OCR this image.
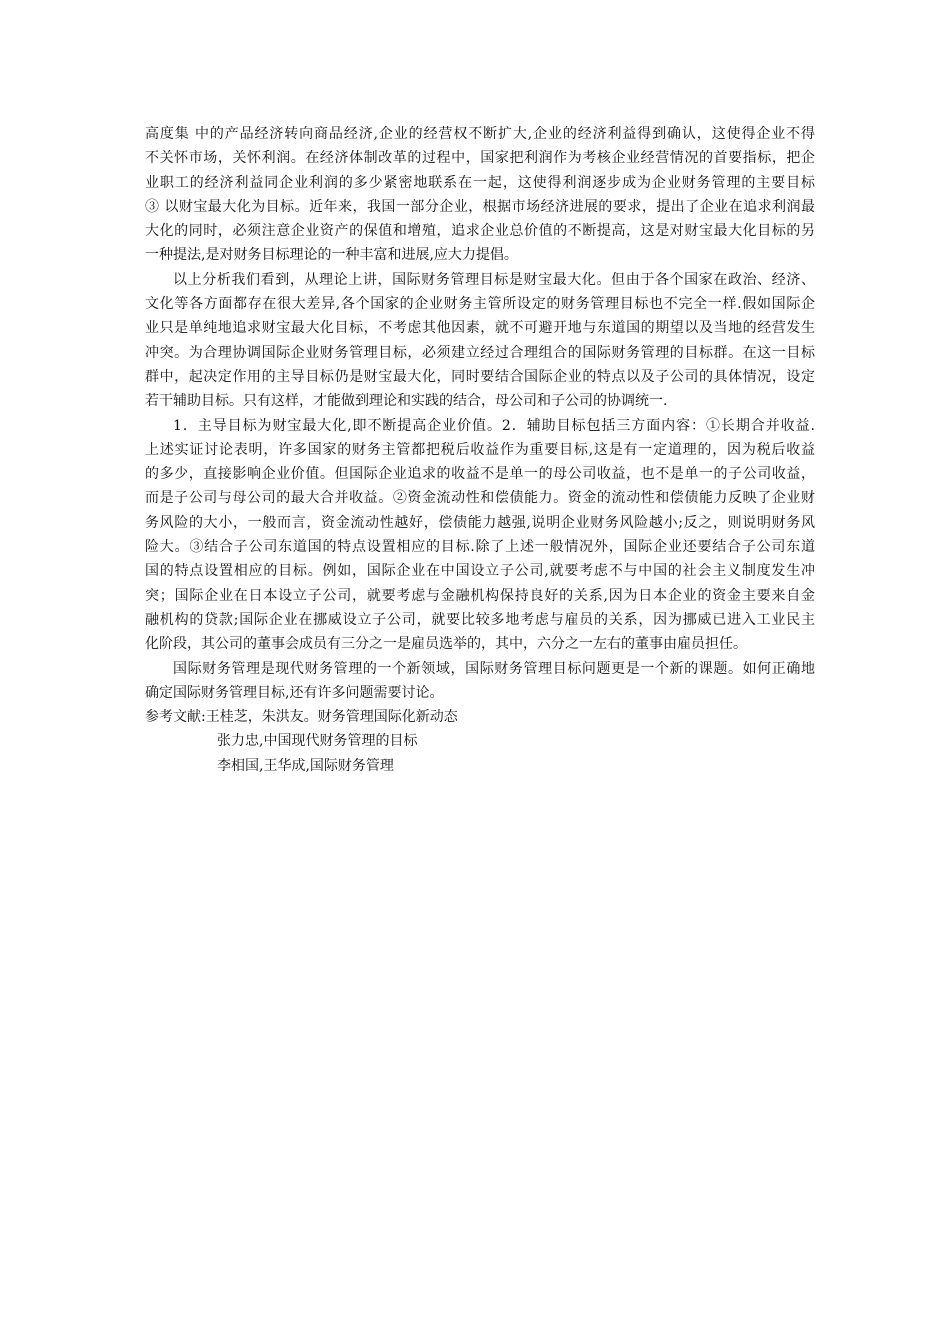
高度集 中的产品经济转向商品经济,企业的经营权不断扩大,企业的经济利益得到确认，这使得企业不得
不关怀市场，关怀利润。在经济体制改革的过程中，国家把利润作为考核企业经营情况的首要指标，把企
业职工的经济利益同企业利润的多少紧密地联系在一起，这使得利润逐步成为企业财务管理的主要目标
③ 以财宝最大化为目标。近年来，我国一部分企业，根据市场经济进展的要求，提出了企业在追求利润最
大化的同时，必须注意企业资产的保值和增殖，追求企业总价值的不断提高，这是对财宝最大化目标的另
一种提法,是对财务目标理论的一种丰富和进展,应大力提倡。
以上分析我们看到，从理论上讲，国际财务管理目标是财宝最大化。但由于各个国家在政治、经济、
文化等各方面都存在很大差异,各个国家的企业财务主管所设定的财务管理目标也不完全一样.假如国际企
业只是单纯地追求财宝最大化目标，不考虑其他因素，就不可避开地与东道国的期望以及当地的经营发生
冲突。为合理协调国际企业财务管理目标，必须建立经过合理组合的国际财务管理的目标群。在这一目标
群中，起决定作用的主导目标仍是财宝最大化，同时要结合国际企业的特点以及子公司的具体情况，设定
若干辅助目标。只有这样，才能做到理论和实践的结合，母公司和子公司的协调统一.
1．主导目标为财宝最大化,即不断提高企业价值。2．辅助目标包括三方面内容：①长期合并收益.
上述实证讨论表明，许多国家的财务主管都把税后收益作为重要目标,这是有一定道理的，因为税后收益
的多少，直接影响企业价值。但国际企业追求的收益不是单一的母公司收益，也不是单一的子公司收益，
而是子公司与母公司的最大合并收益。②资金流动性和偿债能力。资金的流动性和偿债能力反映了企业财
务风险的大小，一般而言，资金流动性越好，偿债能力越强,说明企业财务风险越小;反之，则说明财务风
险大。③结合子公司东道国的特点设置相应的目标.除了上述一般情况外，国际企业还要结合子公司东道
国的特点设置相应的目标。例如，国际企业在中国设立子公司,就要考虑不与中国的社会主义制度发生冲
突；国际企业在日本设立子公司，就要考虑与金融机构保持良好的关系,因为日本企业的资金主要来自金
融机构的贷款;国际企业在挪威设立子公司，就要比较多地考虑与雇员的关系，因为挪威已进入工业民主
化阶段，其公司的董事会成员有三分之一是雇员选举的，其中，六分之一左右的董事由雇员担任。
国际财务管理是现代财务管理的一个新领域，国际财务管理目标问题更是一个新的课题。如何正确地
确定国际财务管理目标,还有许多问题需要讨论。
参考文献:王桂芝，朱洪友。财务管理国际化新动态
张力忠,中国现代财务管理的目标
李相国,王华成,国际财务管理
